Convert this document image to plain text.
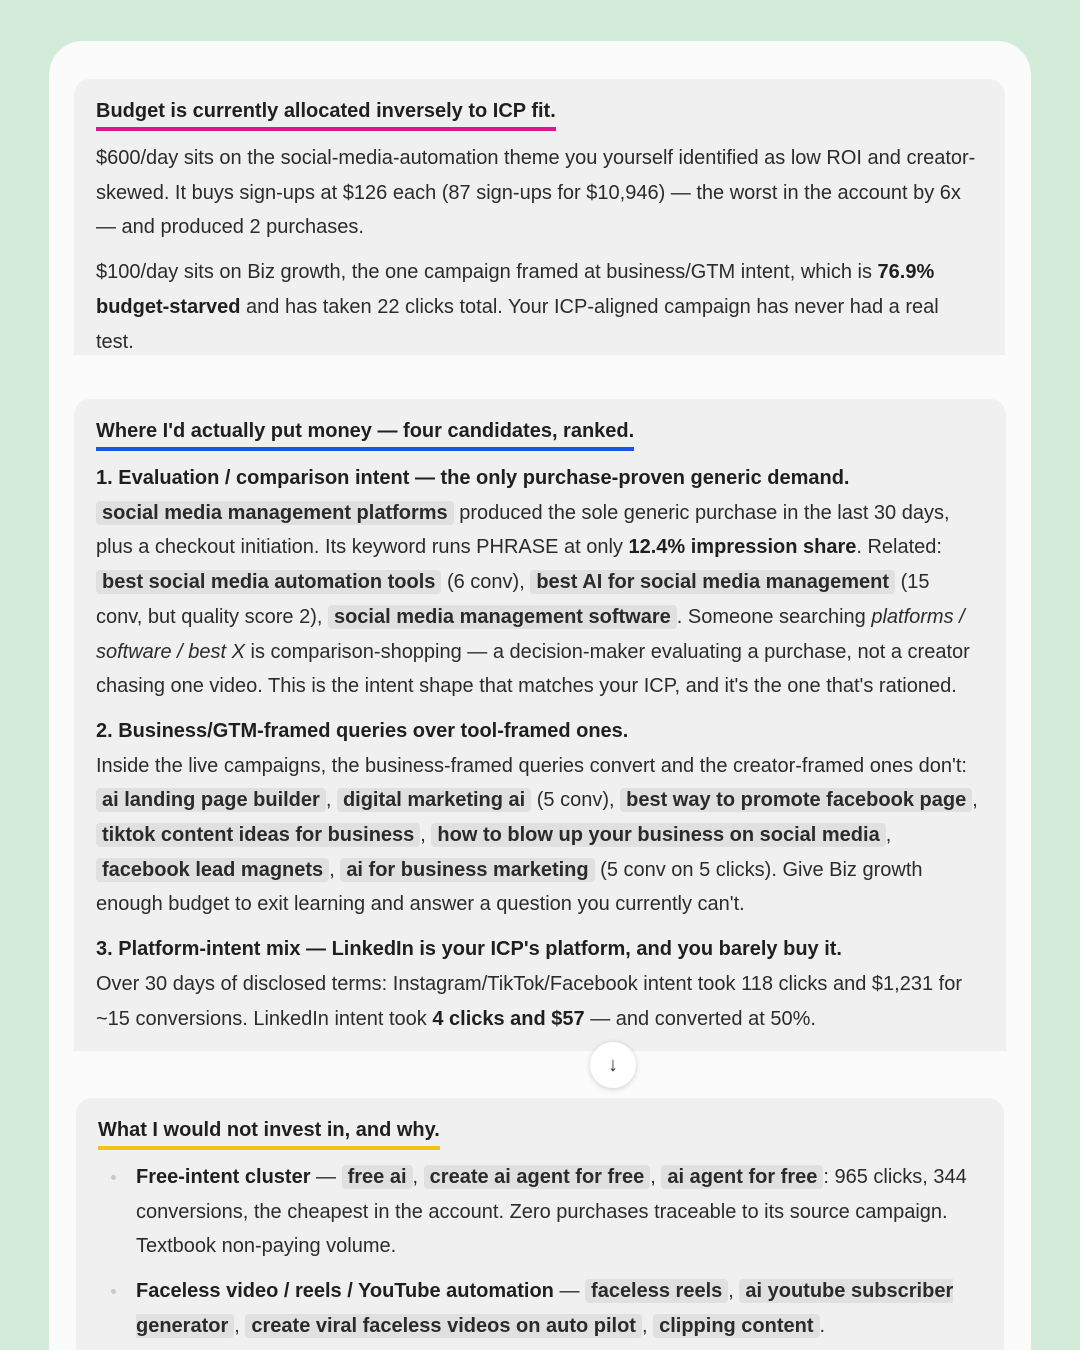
Budget is currently allocated inversely to ICP fit.

$600/day sits on the social-media-automation theme you yourself identified as low ROI and creator-skewed. It buys sign-ups at $126 each (87 sign-ups for $10,946) — the worst in the account by 6x — and produced 2 purchases.

$100/day sits on Biz growth, the one campaign framed at business/GTM intent, which is 76.9% budget-starved and has taken 22 clicks total. Your ICP-aligned campaign has never had a real test.

Where I'd actually put money — four candidates, ranked.

1. Evaluation / comparison intent — the only purchase-proven generic demand.
social media management platforms produced the sole generic purchase in the last 30 days, plus a checkout initiation. Its keyword runs PHRASE at only 12.4% impression share. Related: best social media automation tools (6 conv), best AI for social media management (15 conv, but quality score 2), social media management software . Someone searching platforms / software / best X is comparison-shopping — a decision-maker evaluating a purchase, not a creator chasing one video. This is the intent shape that matches your ICP, and it's the one that's rationed.

2. Business/GTM-framed queries over tool-framed ones.
Inside the live campaigns, the business-framed queries convert and the creator-framed ones don't: ai landing page builder , digital marketing ai (5 conv), best way to promote facebook page , tiktok content ideas for business , how to blow up your business on social media , facebook lead magnets , ai for business marketing (5 conv on 5 clicks). Give Biz growth enough budget to exit learning and answer a question you currently can't.

3. Platform-intent mix — LinkedIn is your ICP's platform, and you barely buy it.
Over 30 days of disclosed terms: Instagram/TikTok/Facebook intent took 118 clicks and $1,231 for ~15 conversions. LinkedIn intent took 4 clicks and $57 — and converted at 50%.

↓
What I would not invest in, and why.
Free-intent cluster — free ai , create ai agent for free , ai agent for free : 965 clicks, 344 conversions, the cheapest in the account. Zero purchases traceable to its source campaign. Textbook non-paying volume.
Faceless video / reels / YouTube automation — faceless reels , ai youtube subscriber generator , create viral faceless videos on auto pilot , clipping content .
